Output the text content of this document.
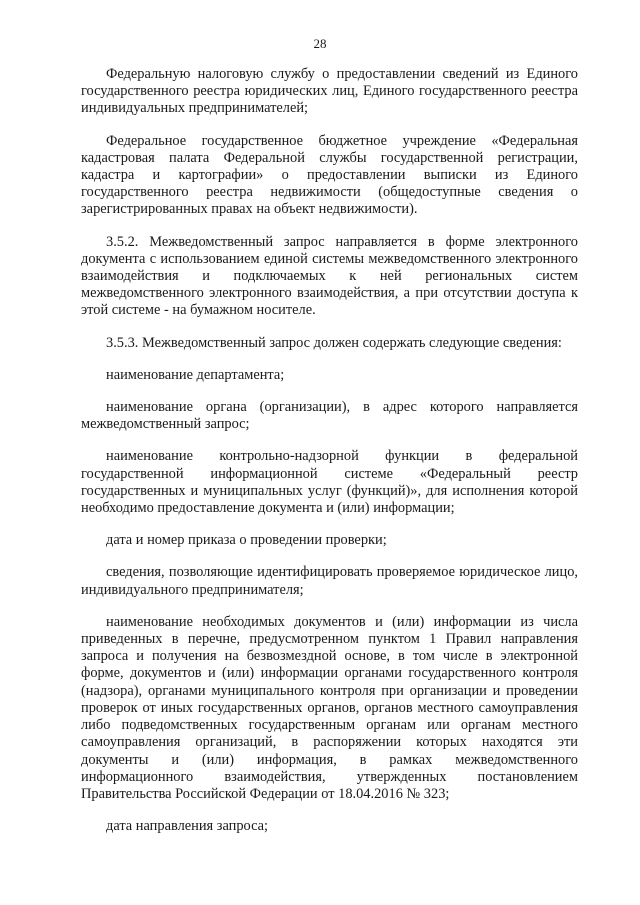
28

Федеральную налоговую службу о предоставлении сведений из Единого государственного реестра юридических лиц, Единого государственного реестра индивидуальных предпринимателей;

Федеральное государственное бюджетное учреждение «Федеральная кадастровая палата Федеральной службы государственной регистрации, кадастра и картографии» о предоставлении выписки из Единого государственного реестра недвижимости (общедоступные сведения о зарегистрированных правах на объект недвижимости).

3.5.2. Межведомственный запрос направляется в форме электронного документа с использованием единой системы межведомственного электронного взаимодействия и подключаемых к ней региональных систем межведомственного электронного взаимодействия, а при отсутствии доступа к этой системе - на бумажном носителе.

3.5.3. Межведомственный запрос должен содержать следующие сведения:

наименование департамента;

наименование органа (организации), в адрес которого направляется межведомственный запрос;

наименование контрольно-надзорной функции в федеральной государственной информационной системе «Федеральный реестр государственных и муниципальных услуг (функций)», для исполнения которой необходимо предоставление документа и (или) информации;

дата и номер приказа о проведении проверки;

сведения, позволяющие идентифицировать проверяемое юридическое лицо, индивидуального предпринимателя;

наименование необходимых документов и (или) информации из числа приведенных в перечне, предусмотренном пунктом 1 Правил направления запроса и получения на безвозмездной основе, в том числе в электронной форме, документов и (или) информации органами государственного контроля (надзора), органами муниципального контроля при организации и проведении проверок от иных государственных органов, органов местного самоуправления либо подведомственных государственным органам или органам местного самоуправления организаций, в распоряжении которых находятся эти документы и (или) информация, в рамках межведомственного информационного взаимодействия, утвержденных постановлением Правительства Российской Федерации от 18.04.2016 № 323;

дата направления запроса;
